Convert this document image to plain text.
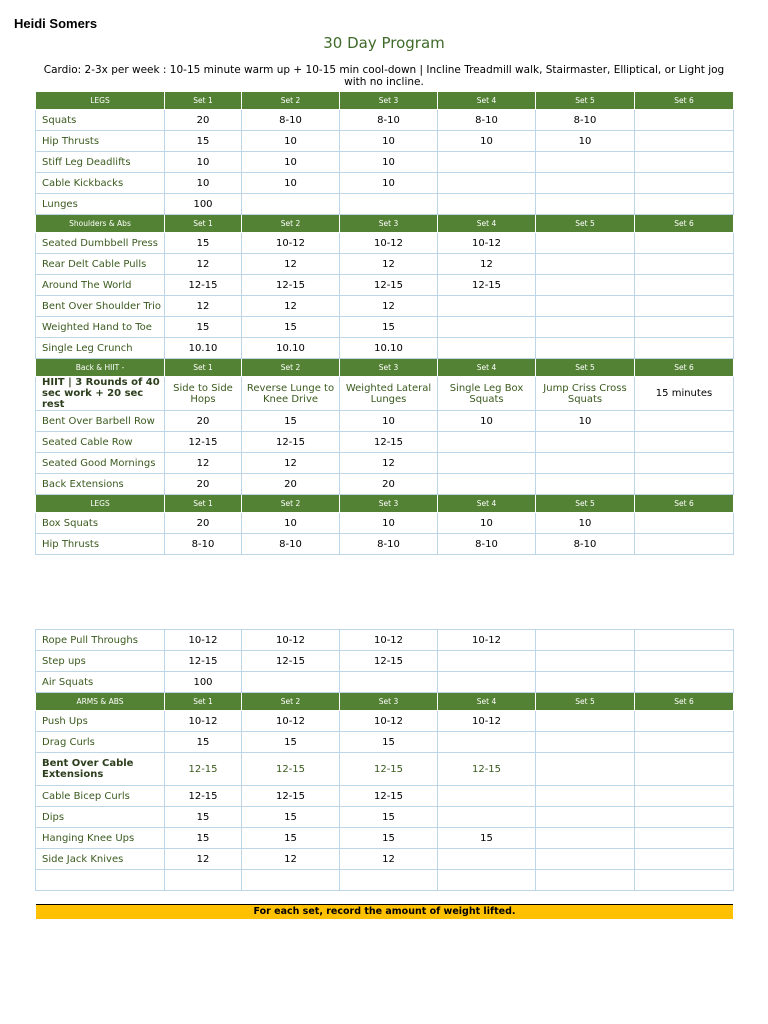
Heidi Somers
30 Day Program
Cardio: 2-3x per week : 10-15 minute warm up + 10-15 min cool-down | Incline Treadmill walk, Stairmaster, Elliptical, or Light jog with no incline.
LEGS	Set 1	Set 2	Set 3	Set 4	Set 5	Set 6
Squats	20	8-10	8-10	8-10	8-10	
Hip Thrusts	15	10	10	10	10	
Stiff Leg Deadlifts	10	10	10			
Cable Kickbacks	10	10	10			
Lunges	100					
Shoulders & Abs	Set 1	Set 2	Set 3	Set 4	Set 5	Set 6
Seated Dumbbell Press	15	10-12	10-12	10-12		
Rear Delt Cable Pulls	12	12	12	12		
Around The World	12-15	12-15	12-15	12-15		
Bent Over Shoulder Trio	12	12	12			
Weighted Hand to Toe	15	15	15			
Single Leg Crunch	10.10	10.10	10.10			
Back & HIIT -	Set 1	Set 2	Set 3	Set 4	Set 5	Set 6
HIIT | 3 Rounds of 40 sec work + 20 sec rest	Side to Side Hops	Reverse Lunge to Knee Drive	Weighted Lateral Lunges	Single Leg Box Squats	Jump Criss Cross Squats	15 minutes
Bent Over Barbell Row	20	15	10	10	10	
Seated Cable Row	12-15	12-15	12-15			
Seated Good Mornings	12	12	12			
Back Extensions	20	20	20			
LEGS	Set 1	Set 2	Set 3	Set 4	Set 5	Set 6
Box Squats	20	10	10	10	10	
Hip Thrusts	8-10	8-10	8-10	8-10	8-10	
Rope Pull Throughs	10-12	10-12	10-12	10-12		
Step ups	12-15	12-15	12-15			
Air Squats	100					
ARMS & ABS	Set 1	Set 2	Set 3	Set 4	Set 5	Set 6
Push Ups	10-12	10-12	10-12	10-12		
Drag Curls	15	15	15			
Bent Over Cable Extensions	12-15	12-15	12-15	12-15		
Cable Bicep Curls	12-15	12-15	12-15			
Dips	15	15	15			
Hanging Knee Ups	15	15	15	15		
Side Jack Knives	12	12	12			

For each set, record the amount of weight lifted.
